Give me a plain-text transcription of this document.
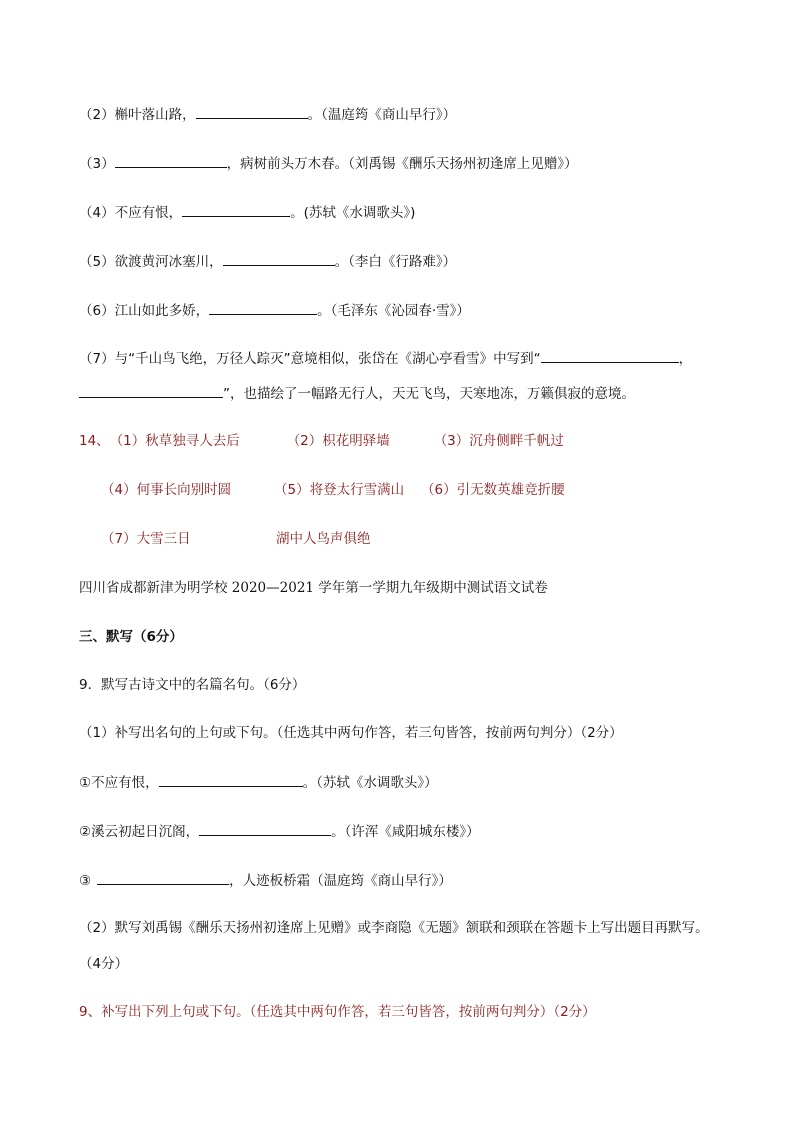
（2）槲叶落山路，	。（温庭筠《商山早行》）
（3）	，病树前头万木春。（刘禹锡《酬乐天扬州初逢席上见赠》）
（4）不应有恨，	。(苏轼《水调歌头》)
（5）欲渡黄河冰塞川，	。（李白《行路难》）
（6）江山如此多娇，	。（毛泽东《沁园春·雪》）
（7）与“千山鸟飞绝，万径人踪灭”意境相似，张岱在《湖心亭看雪》中写到“	，
”，也描绘了一幅路无行人，天无飞鸟，天寒地冻，万籁俱寂的意境。
14、（1）秋草独寻人去后	（2）枳花明驿墙	（3）沉舟侧畔千帆过
（4）何事长向别时圆	（5）将登太行雪满山 （6）引无数英雄竞折腰
（7）大雪三日	湖中人鸟声俱绝
四川省成都新津为明学校 2020—2021 学年第一学期九年级期中测试语文试卷
三、默写（6分）
9．默写古诗文中的名篇名句。（6分）
（1）补写出名句的上句或下句。（任选其中两句作答，若三句皆答，按前两句判分）（2分）
①不应有恨，	。（苏轼《水调歌头》）
②溪云初起日沉阁，	。（许浑《咸阳城东楼》）
③	，人迹板桥霜（温庭筠《商山早行》）
（2）默写刘禹锡《酬乐天扬州初逢席上见赠》或李商隐《无题》颔联和颈联在答题卡上写出题目再默写。
（4分）
9、补写出下列上句或下句。（任选其中两句作答，若三句皆答，按前两句判分）（2分）
